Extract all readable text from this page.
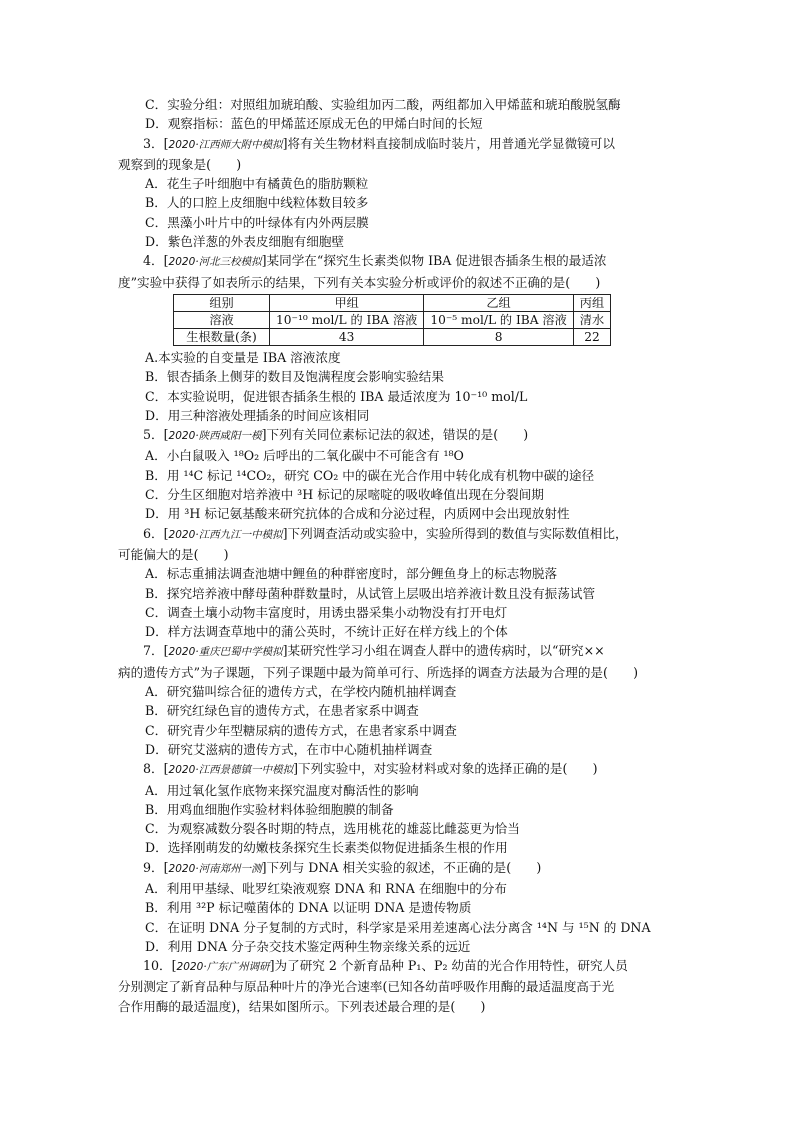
C．实验分组：对照组加琥珀酸、实验组加丙二酸，两组都加入甲烯蓝和琥珀酸脱氢酶
D．观察指标：蓝色的甲烯蓝还原成无色的甲烯白时间的长短
3．[2020·江西师大附中模拟]将有关生物材料直接制成临时装片，用普通光学显微镜可以
观察到的现象是(　　)
A．花生子叶细胞中有橘黄色的脂肪颗粒
B．人的口腔上皮细胞中线粒体数目较多
C．黑藻小叶片中的叶绿体有内外两层膜
D．紫色洋葱的外表皮细胞有细胞壁
4．[2020·河北三校模拟]某同学在“探究生长素类似物 IBA 促进银杏插条生根的最适浓
度”实验中获得了如表所示的结果，下列有关本实验分析或评价的叙述不正确的是(　　)
组别	甲组	乙组	丙组
溶液	10⁻¹⁰ mol/L 的 IBA 溶液	10⁻⁵ mol/L 的 IBA 溶液	清水
生根数量(条)	43	8	22
A.本实验的自变量是 IBA 溶液浓度
B．银杏插条上侧芽的数目及饱满程度会影响实验结果
C．本实验说明，促进银杏插条生根的 IBA 最适浓度为 10⁻¹⁰ mol/L
D．用三种溶液处理插条的时间应该相同
5．[2020·陕西咸阳一模]下列有关同位素标记法的叙述，错误的是(　　)
A．小白鼠吸入 ¹⁸O₂ 后呼出的二氧化碳中不可能含有 ¹⁸O
B．用 ¹⁴C 标记 ¹⁴CO₂，研究 CO₂ 中的碳在光合作用中转化成有机物中碳的途径
C．分生区细胞对培养液中 ³H 标记的尿嘧啶的吸收峰值出现在分裂间期
D．用 ³H 标记氨基酸来研究抗体的合成和分泌过程，内质网中会出现放射性
6．[2020·江西九江一中模拟]下列调查活动或实验中，实验所得到的数值与实际数值相比，
可能偏大的是(　　)
A．标志重捕法调查池塘中鲤鱼的种群密度时，部分鲤鱼身上的标志物脱落
B．探究培养液中酵母菌种群数量时，从试管上层吸出培养液计数且没有振荡试管
C．调查土壤小动物丰富度时，用诱虫器采集小动物没有打开电灯
D．样方法调查草地中的蒲公英时，不统计正好在样方线上的个体
7．[2020·重庆巴蜀中学模拟]某研究性学习小组在调查人群中的遗传病时，以“研究××
病的遗传方式”为子课题，下列子课题中最为简单可行、所选择的调查方法最为合理的是(　　)
A．研究猫叫综合征的遗传方式，在学校内随机抽样调查
B．研究红绿色盲的遗传方式，在患者家系中调查
C．研究青少年型糖尿病的遗传方式，在患者家系中调查
D．研究艾滋病的遗传方式，在市中心随机抽样调查
8．[2020·江西景德镇一中模拟]下列实验中，对实验材料或对象的选择正确的是(　　)
A．用过氧化氢作底物来探究温度对酶活性的影响
B．用鸡血细胞作实验材料体验细胞膜的制备
C．为观察减数分裂各时期的特点，选用桃花的雄蕊比雌蕊更为恰当
D．选择刚萌发的幼嫩枝条探究生长素类似物促进插条生根的作用
9．[2020·河南郑州一测]下列与 DNA 相关实验的叙述，不正确的是(　　)
A．利用甲基绿、吡罗红染液观察 DNA 和 RNA 在细胞中的分布
B．利用 ³²P 标记噬菌体的 DNA 以证明 DNA 是遗传物质
C．在证明 DNA 分子复制的方式时，科学家是采用差速离心法分离含 ¹⁴N 与 ¹⁵N 的 DNA
D．利用 DNA 分子杂交技术鉴定两种生物亲缘关系的远近
10．[2020·广东广州调研]为了研究 2 个新育品种 P₁、P₂ 幼苗的光合作用特性，研究人员
分别测定了新育品种与原品种叶片的净光合速率(已知各幼苗呼吸作用酶的最适温度高于光
合作用酶的最适温度)，结果如图所示。下列表述最合理的是(　　)
